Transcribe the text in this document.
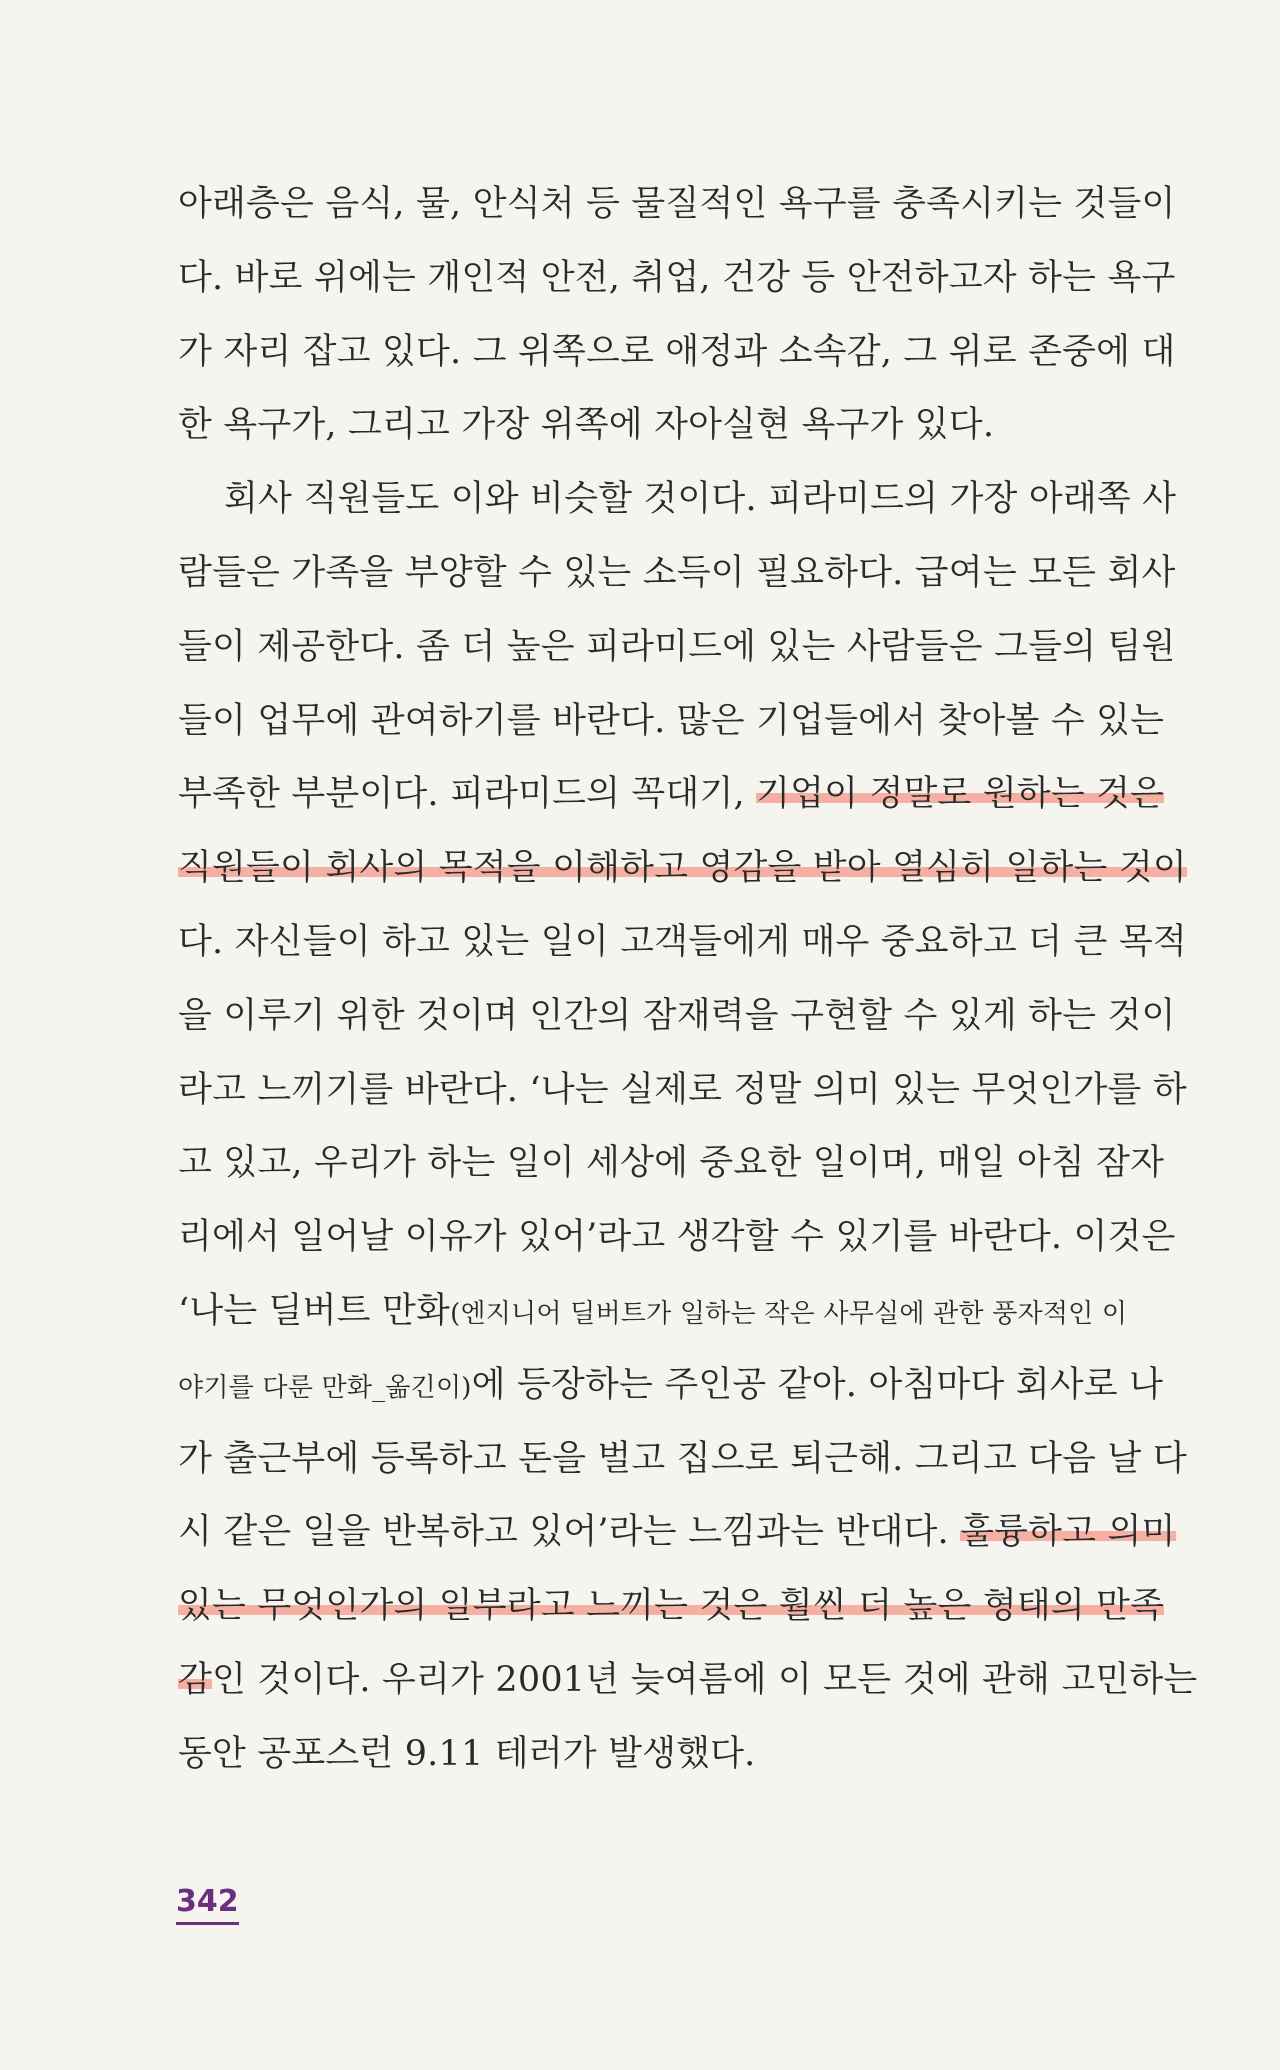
아래층은 음식, 물, 안식처 등 물질적인 욕구를 충족시키는 것들이
다. 바로 위에는 개인적 안전, 취업, 건강 등 안전하고자 하는 욕구
가 자리 잡고 있다. 그 위쪽으로 애정과 소속감, 그 위로 존중에 대
한 욕구가, 그리고 가장 위쪽에 자아실현 욕구가 있다.
회사 직원들도 이와 비슷할 것이다. 피라미드의 가장 아래쪽 사
람들은 가족을 부양할 수 있는 소득이 필요하다. 급여는 모든 회사
들이 제공한다. 좀 더 높은 피라미드에 있는 사람들은 그들의 팀원
들이 업무에 관여하기를 바란다. 많은 기업들에서 찾아볼 수 있는
부족한 부분이다. 피라미드의 꼭대기, 기업이 정말로 원하는 것은
직원들이 회사의 목적을 이해하고 영감을 받아 열심히 일하는 것이
다. 자신들이 하고 있는 일이 고객들에게 매우 중요하고 더 큰 목적
을 이루기 위한 것이며 인간의 잠재력을 구현할 수 있게 하는 것이
라고 느끼기를 바란다. ‘나는 실제로 정말 의미 있는 무엇인가를 하
고 있고, 우리가 하는 일이 세상에 중요한 일이며, 매일 아침 잠자
리에서 일어날 이유가 있어’라고 생각할 수 있기를 바란다. 이것은
‘나는 딜버트 만화(엔지니어 딜버트가 일하는 작은 사무실에 관한 풍자적인 이
야기를 다룬 만화_옮긴이)에 등장하는 주인공 같아. 아침마다 회사로 나
가 출근부에 등록하고 돈을 벌고 집으로 퇴근해. 그리고 다음 날 다
시 같은 일을 반복하고 있어’라는 느낌과는 반대다. 훌륭하고 의미
있는 무엇인가의 일부라고 느끼는 것은 훨씬 더 높은 형태의 만족
감인 것이다. 우리가 2001년 늦여름에 이 모든 것에 관해 고민하는
동안 공포스런 9.11 테러가 발생했다.
342
